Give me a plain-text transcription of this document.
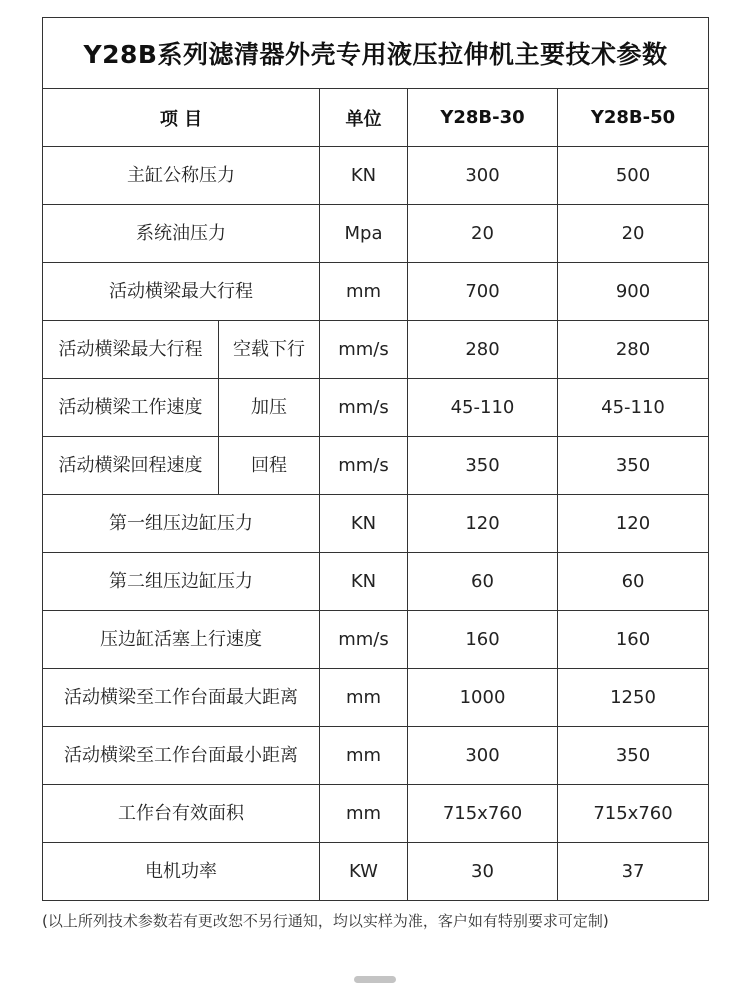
Y28B系列滤清器外壳专用液压拉伸机主要技术参数				
项 目		单位	Y28B-30	Y28B-50
主缸公称压力		KN	300	500
系统油压力		Mpa	20	20
活动横梁最大行程		mm	700	900
活动横梁最大行程	空载下行	mm/s	280	280
活动横梁工作速度	加压	mm/s	45-110	45-110
活动横梁回程速度	回程	mm/s	350	350
第一组压边缸压力		KN	120	120
第二组压边缸压力		KN	60	60
压边缸活塞上行速度		mm/s	160	160
活动横梁至工作台面最大距离		mm	1000	1250
活动横梁至工作台面最小距离		mm	300	350
工作台有效面积		mm	715x760	715x760
电机功率		KW	30	37
(以上所列技术参数若有更改恕不另行通知，均以实样为准，客户如有特别要求可定制)
